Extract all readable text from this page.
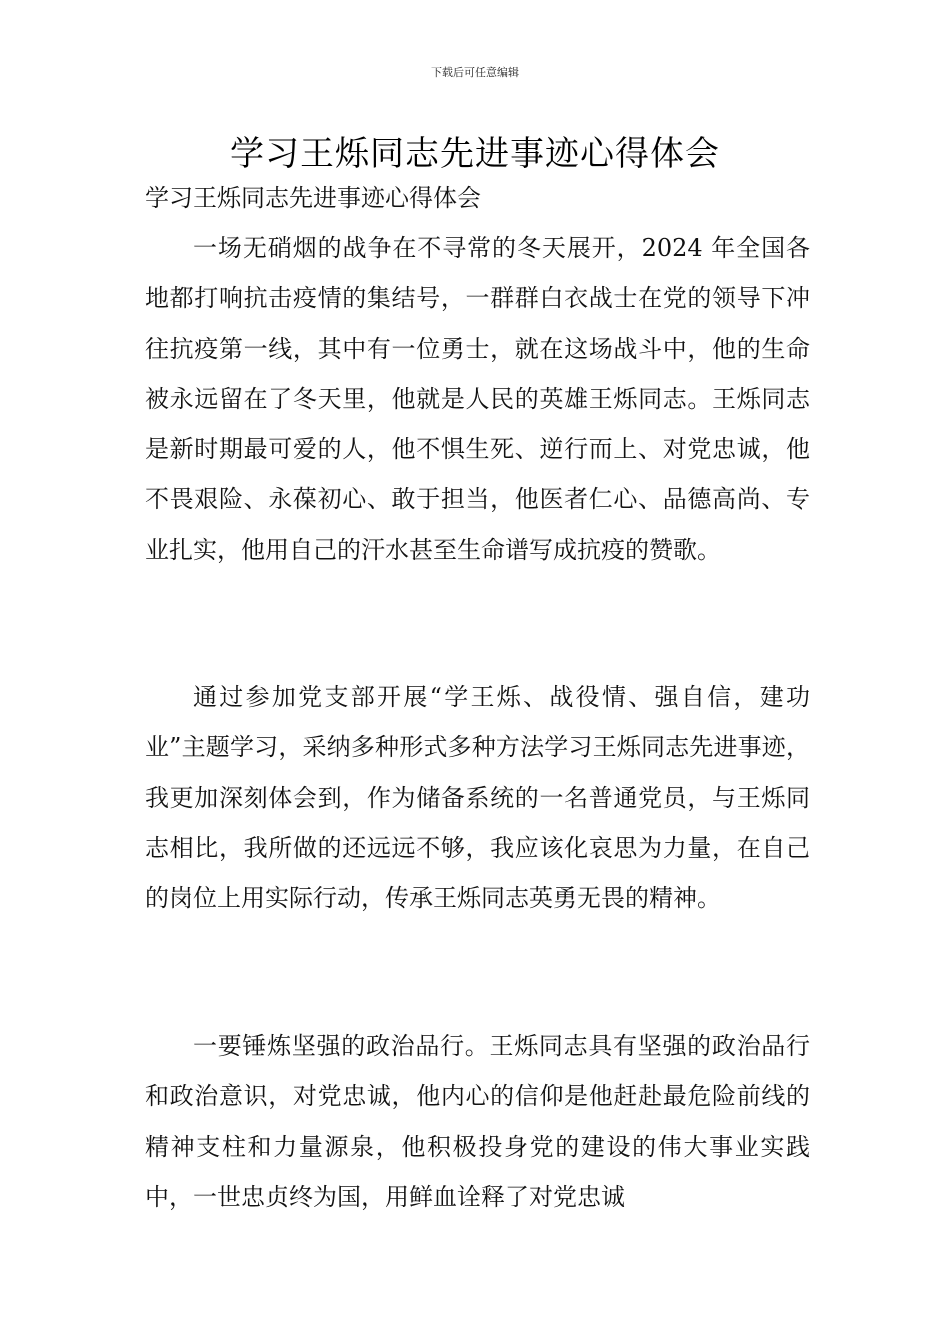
下载后可任意编辑
学习王烁同志先进事迹心得体会
学习王烁同志先进事迹心得体会

一场无硝烟的战争在不寻常的冬天展开，2024 年全国各地都打响抗击疫情的集结号，一群群白衣战士在党的领导下冲往抗疫第一线，其中有一位勇士，就在这场战斗中，他的生命被永远留在了冬天里，他就是人民的英雄王烁同志。王烁同志是新时期最可爱的人，他不惧生死、逆行而上、对党忠诚，他不畏艰险、永葆初心、敢于担当，他医者仁心、品德高尚、专业扎实，他用自己的汗水甚至生命谱写成抗疫的赞歌。

通过参加党支部开展“学王烁、战役情、强自信，建功业”主题学习，采纳多种形式多种方法学习王烁同志先进事迹，我更加深刻体会到，作为储备系统的一名普通党员，与王烁同志相比，我所做的还远远不够，我应该化哀思为力量，在自己的岗位上用实际行动，传承王烁同志英勇无畏的精神。

一要锤炼坚强的政治品行。王烁同志具有坚强的政治品行和政治意识，对党忠诚，他内心的信仰是他赶赴最危险前线的精神支柱和力量源泉，他积极投身党的建设的伟大事业实践中，一世忠贞终为国，用鲜血诠释了对党忠诚
